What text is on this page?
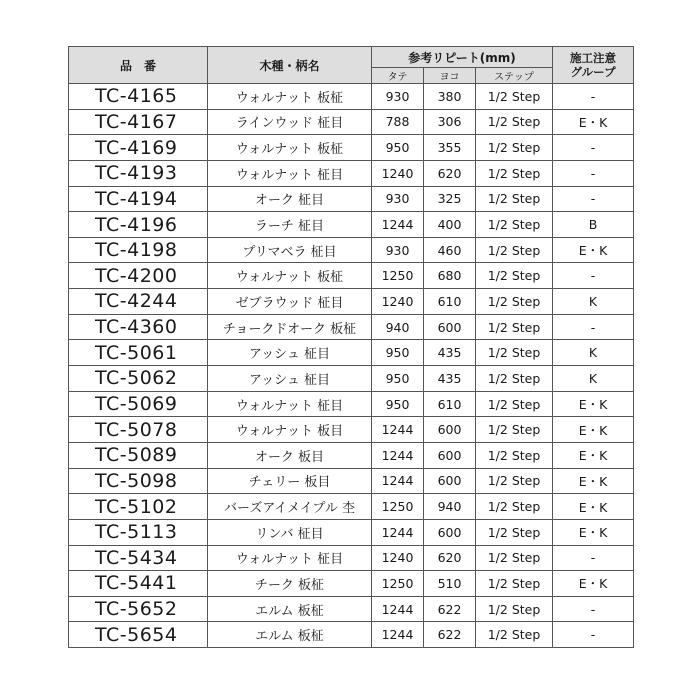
品　番	木種・柄名	参考リピート(mm)			施工注意
グループ
		タテ	ヨコ	ステップ	
TC-4165	ウォルナット 板柾	930	380	1/2 Step	-
TC-4167	ラインウッド 柾目	788	306	1/2 Step	E・K
TC-4169	ウォルナット 板柾	950	355	1/2 Step	-
TC-4193	ウォルナット 柾目	1240	620	1/2 Step	-
TC-4194	オーク 柾目	930	325	1/2 Step	-
TC-4196	ラーチ 柾目	1244	400	1/2 Step	B
TC-4198	プリマベラ 柾目	930	460	1/2 Step	E・K
TC-4200	ウォルナット 板柾	1250	680	1/2 Step	-
TC-4244	ゼブラウッド 柾目	1240	610	1/2 Step	K
TC-4360	チョークドオーク 板柾	940	600	1/2 Step	-
TC-5061	アッシュ 柾目	950	435	1/2 Step	K
TC-5062	アッシュ 柾目	950	435	1/2 Step	K
TC-5069	ウォルナット 柾目	950	610	1/2 Step	E・K
TC-5078	ウォルナット 板目	1244	600	1/2 Step	E・K
TC-5089	オーク 板目	1244	600	1/2 Step	E・K
TC-5098	チェリー 板目	1244	600	1/2 Step	E・K
TC-5102	バーズアイメイプル 杢	1250	940	1/2 Step	E・K
TC-5113	リンバ 柾目	1244	600	1/2 Step	E・K
TC-5434	ウォルナット 柾目	1240	620	1/2 Step	-
TC-5441	チーク 板柾	1250	510	1/2 Step	E・K
TC-5652	エルム 板柾	1244	622	1/2 Step	-
TC-5654	エルム 板柾	1244	622	1/2 Step	-
